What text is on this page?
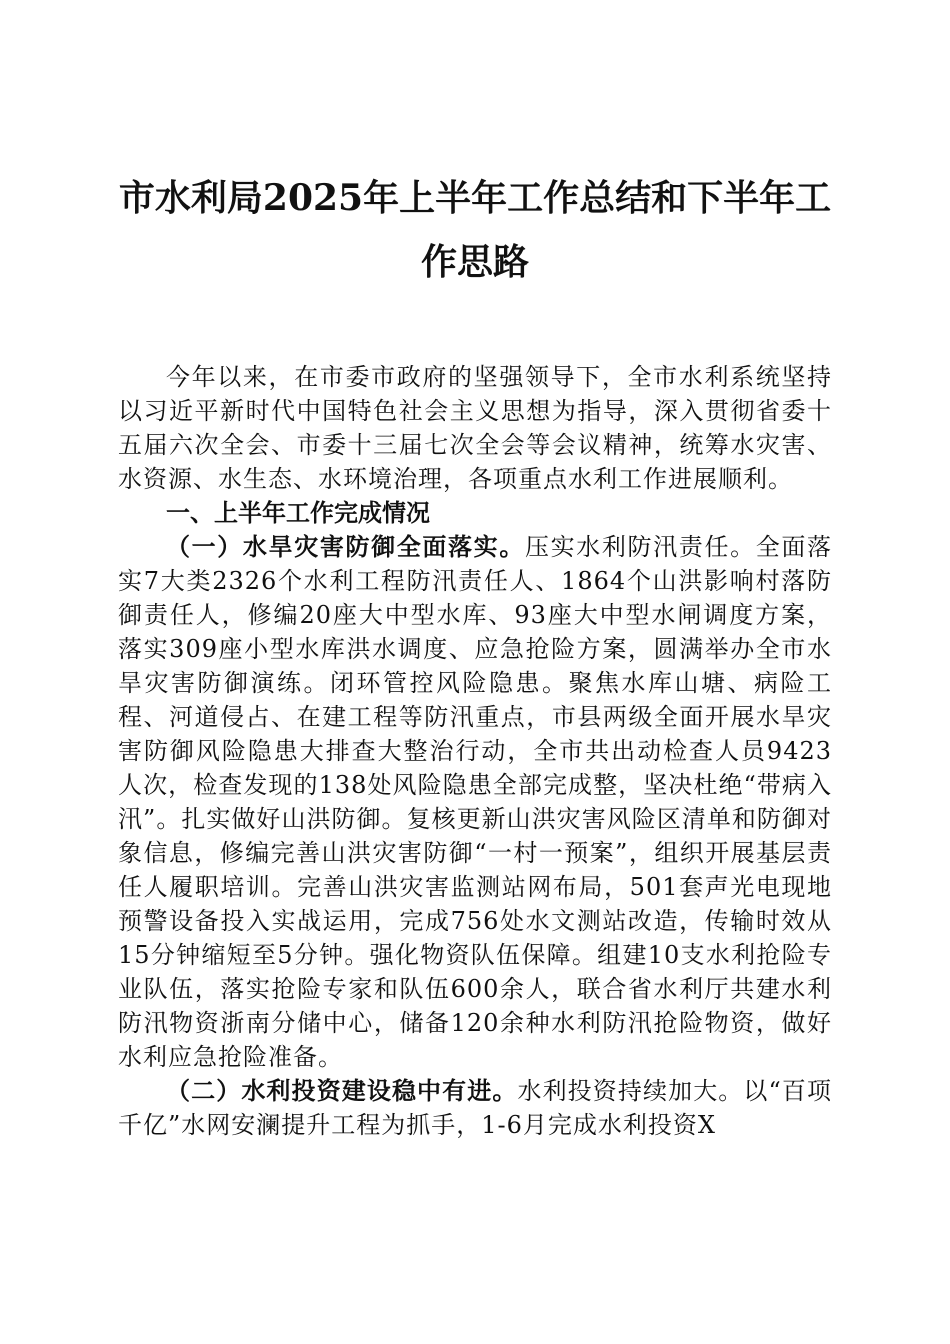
市水利局2025年上半年工作总结和下半年工
作思路

今年以来，在市委市政府的坚强领导下，全市水利系统坚持以习近平新时代中国特色社会主义思想为指导，深入贯彻省委十五届六次全会、市委十三届七次全会等会议精神，统筹水灾害、水资源、水生态、水环境治理，各项重点水利工作进展顺利。

一、上半年工作完成情况

（一）水旱灾害防御全面落实。压实水利防汛责任。全面落实7大类2326个水利工程防汛责任人、1864个山洪影响村落防御责任人，修编20座大中型水库、93座大中型水闸调度方案，落实309座小型水库洪水调度、应急抢险方案，圆满举办全市水旱灾害防御演练。闭环管控风险隐患。聚焦水库山塘、病险工程、河道侵占、在建工程等防汛重点，市县两级全面开展水旱灾害防御风险隐患大排查大整治行动，全市共出动检查人员9423人次，检查发现的138处风险隐患全部完成整，坚决杜绝“带病入汛”。扎实做好山洪防御。复核更新山洪灾害风险区清单和防御对象信息，修编完善山洪灾害防御“一村一预案”，组织开展基层责任人履职培训。完善山洪灾害监测站网布局，501套声光电现地预警设备投入实战运用，完成756处水文测站改造，传输时效从15分钟缩短至5分钟。强化物资队伍保障。组建10支水利抢险专业队伍，落实抢险专家和队伍600余人，联合省水利厅共建水利防汛物资浙南分储中心，储备120余种水利防汛抢险物资，做好水利应急抢险准备。

（二）水利投资建设稳中有进。水利投资持续加大。以“百项千亿”水网安澜提升工程为抓手，1-6月完成水利投资X
